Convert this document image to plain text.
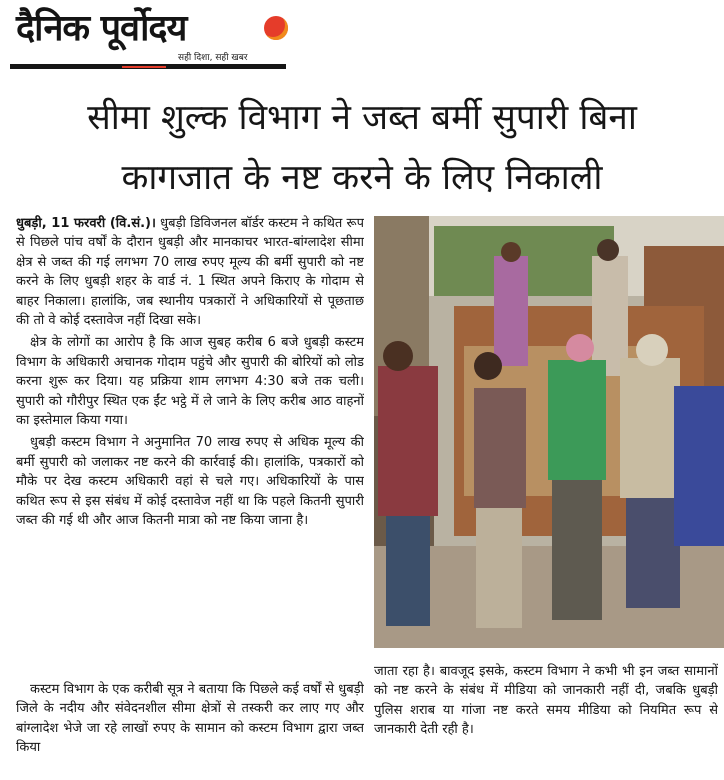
दैनिक पूर्वोदय
सही दिशा, सही खबर
सीमा शुल्क विभाग ने जब्त बर्मी सुपारी बिना
कागजात के नष्ट करने के लिए निकाली

धुबड़ी, 11 फरवरी (वि.सं.)। धुबड़ी डिविजनल बॉर्डर कस्टम ने कथित रूप से पिछले पांच वर्षों के दौरान धुबड़ी और मानकाचर भारत-बांग्लादेश सीमा क्षेत्र से जब्त की गई लगभग 70 लाख रुपए मूल्य की बर्मी सुपारी को नष्ट करने के लिए धुबड़ी शहर के वार्ड नं. 1 स्थित अपने किराए के गोदाम से बाहर निकाला। हालांकि, जब स्थानीय पत्रकारों ने अधिकारियों से पूछताछ की तो वे कोई दस्तावेज नहीं दिखा सके।

क्षेत्र के लोगों का आरोप है कि आज सुबह करीब 6 बजे धुबड़ी कस्टम विभाग के अधिकारी अचानक गोदाम पहुंचे और सुपारी की बोरियों को लोड करना शुरू कर दिया। यह प्रक्रिया शाम लगभग 4:30 बजे तक चली। सुपारी को गौरीपुर स्थित एक ईंट भट्ठे में ले जाने के लिए करीब आठ वाहनों का इस्तेमाल किया गया।

धुबड़ी कस्टम विभाग ने अनुमानित 70 लाख रुपए से अधिक मूल्य की बर्मी सुपारी को जलाकर नष्ट करने की कार्रवाई की। हालांकि, पत्रकारों को मौके पर देख कस्टम अधिकारी वहां से चले गए। अधिकारियों के पास कथित रूप से इस संबंध में कोई दस्तावेज नहीं था कि पहले कितनी सुपारी जब्त की गई थी और आज कितनी मात्रा को नष्ट किया जाना है।

कस्टम विभाग के एक करीबी सूत्र ने बताया कि पिछले कई वर्षों से धुबड़ी जिले के नदीय और संवेदनशील सीमा क्षेत्रों से तस्करी कर लाए गए और बांग्लादेश भेजे जा रहे लाखों रुपए के सामान को कस्टम विभाग द्वारा जब्त किया

जाता रहा है। बावजूद इसके, कस्टम विभाग ने कभी भी इन जब्त सामानों को नष्ट करने के संबंध में मीडिया को जानकारी नहीं दी, जबकि धुबड़ी पुलिस शराब या गांजा नष्ट करते समय मीडिया को नियमित रूप से जानकारी देती रही है।
